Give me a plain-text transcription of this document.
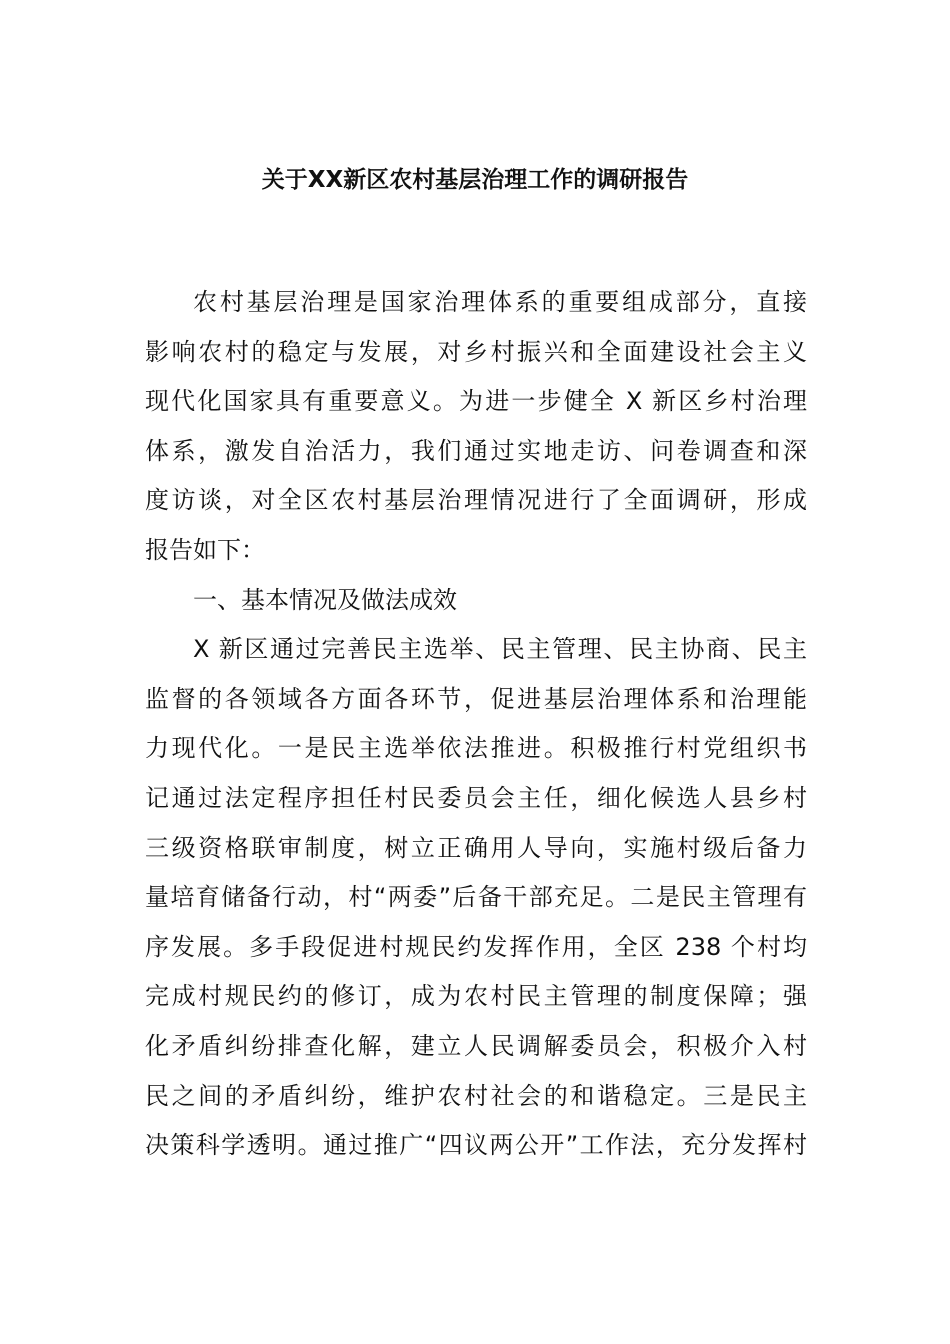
关于XX新区农村基层治理工作的调研报告
农村基层治理是国家治理体系的重要组成部分，直接
影响农村的稳定与发展，对乡村振兴和全面建设社会主义
现代化国家具有重要意义。为进一步健全 X 新区乡村治理
体系，激发自治活力，我们通过实地走访、问卷调查和深
度访谈，对全区农村基层治理情况进行了全面调研，形成
报告如下：
一、基本情况及做法成效
X 新区通过完善民主选举、民主管理、民主协商、民主
监督的各领域各方面各环节，促进基层治理体系和治理能
力现代化。一是民主选举依法推进。积极推行村党组织书
记通过法定程序担任村民委员会主任，细化候选人县乡村
三级资格联审制度，树立正确用人导向，实施村级后备力
量培育储备行动，村“两委”后备干部充足。二是民主管理有
序发展。多手段促进村规民约发挥作用，全区 238 个村均
完成村规民约的修订，成为农村民主管理的制度保障；强
化矛盾纠纷排查化解，建立人民调解委员会，积极介入村
民之间的矛盾纠纷，维护农村社会的和谐稳定。三是民主
决策科学透明。通过推广“四议两公开”工作法，充分发挥村
